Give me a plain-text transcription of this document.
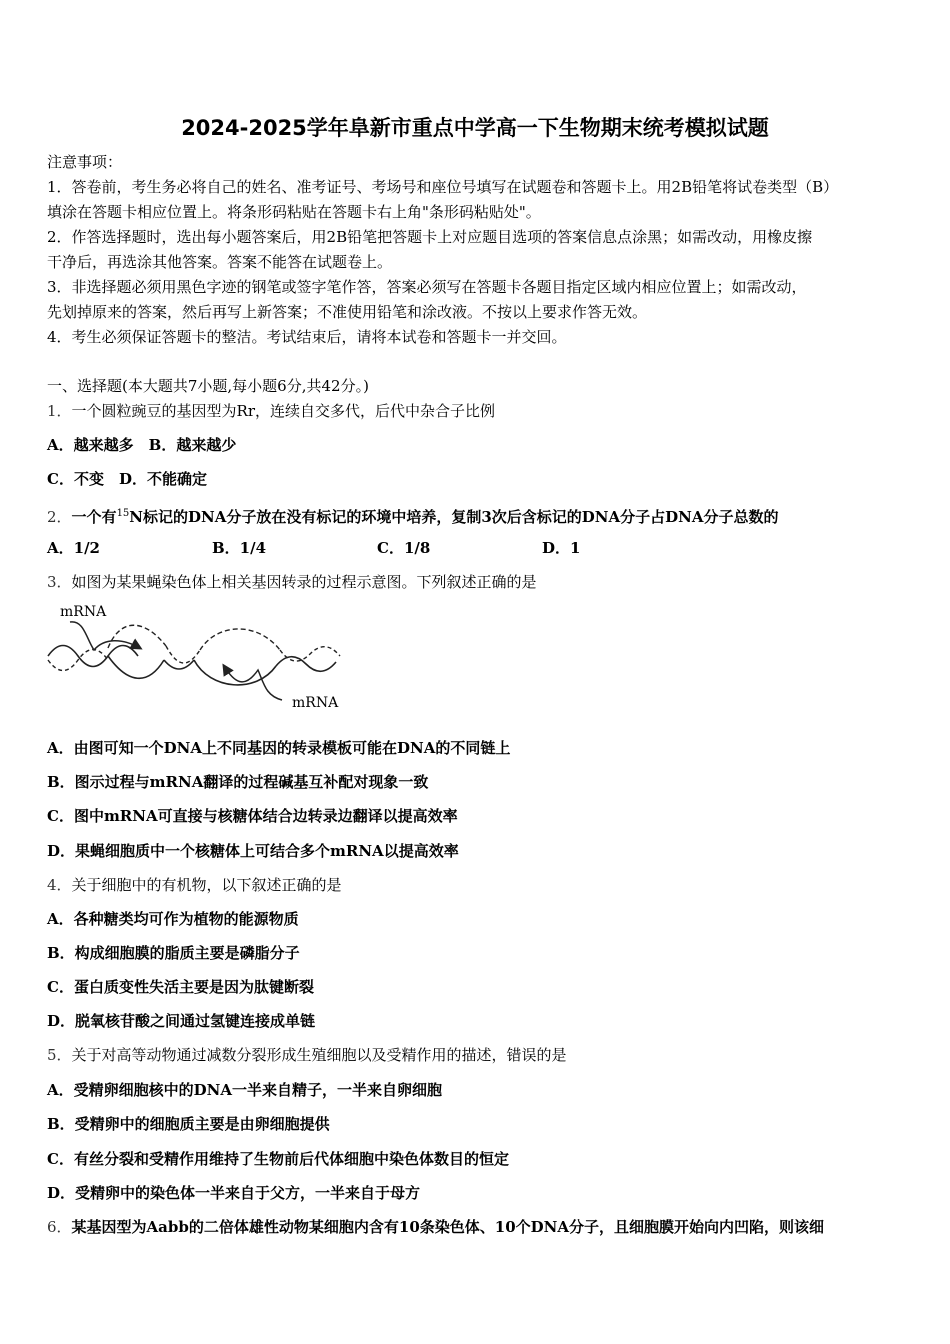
2024-2025学年阜新市重点中学高一下生物期末统考模拟试题
注意事项：
1．答卷前，考生务必将自己的姓名、准考证号、考场号和座位号填写在试题卷和答题卡上。用2B铅笔将试卷类型（B）
填涂在答题卡相应位置上。将条形码粘贴在答题卡右上角"条形码粘贴处"。
2．作答选择题时，选出每小题答案后，用2B铅笔把答题卡上对应题目选项的答案信息点涂黑；如需改动，用橡皮擦
干净后，再选涂其他答案。答案不能答在试题卷上。
3．非选择题必须用黑色字迹的钢笔或签字笔作答，答案必须写在答题卡各题目指定区域内相应位置上；如需改动，
先划掉原来的答案，然后再写上新答案；不准使用铅笔和涂改液。不按以上要求作答无效。
4．考生必须保证答题卡的整洁。考试结束后，请将本试卷和答题卡一并交回。
一、选择题(本大题共7小题,每小题6分,共42分。)
1．一个圆粒豌豆的基因型为Rr，连续自交多代，后代中杂合子比例
A．越来越多　B．越来越少
C．不变　D．不能确定
2．一个有$^{15}$N标记的DNA分子放在没有标记的环境中培养，复制3次后含标记的DNA分子占DNA分子总数的
A．1/2	B．1/4	C．1/8	D．1
3．如图为某果蝇染色体上相关基因转录的过程示意图。下列叙述正确的是
mRNA
mRNA
A．由图可知一个DNA上不同基因的转录模板可能在DNA的不同链上
B．图示过程与mRNA翻译的过程碱基互补配对现象一致
C．图中mRNA可直接与核糖体结合边转录边翻译以提高效率
D．果蝇细胞质中一个核糖体上可结合多个mRNA以提高效率
4．关于细胞中的有机物，以下叙述正确的是
A．各种糖类均可作为植物的能源物质
B．构成细胞膜的脂质主要是磷脂分子
C．蛋白质变性失活主要是因为肽键断裂
D．脱氧核苷酸之间通过氢键连接成单链
5．关于对高等动物通过减数分裂形成生殖细胞以及受精作用的描述，错误的是
A．受精卵细胞核中的DNA一半来自精子，一半来自卵细胞
B．受精卵中的细胞质主要是由卵细胞提供
C．有丝分裂和受精作用维持了生物前后代体细胞中染色体数目的恒定
D．受精卵中的染色体一半来自于父方，一半来自于母方
6．某基因型为Aabb的二倍体雄性动物某细胞内含有10条染色体、10个DNA分子，且细胞膜开始向内凹陷，则该细
